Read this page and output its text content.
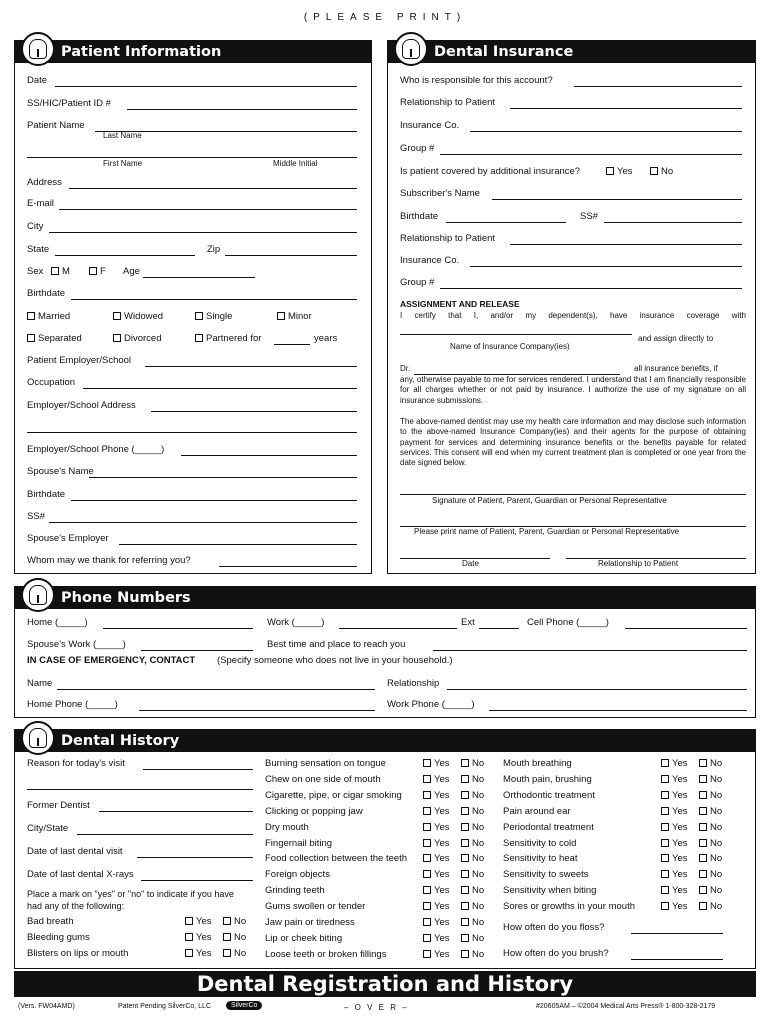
(PLEASE PRINT)
Patient Information
Date
SS/HIC/Patient ID #
Patient Name
Last Name
First Name	Middle Initial
Address
E-mail
City
State	Zip
Sex	M	F Age
Birthdate
Married	Widowed	Single	Minor
Separated	Divorced	Partnered for	years
Patient Employer/School
Occupation
Employer/School Address
Employer/School Phone (_____)
Spouse's Name
Birthdate
SS#
Spouse's Employer
Whom may we thank for referring you?
Dental Insurance
Who is responsible for this account?
Relationship to Patient
Insurance Co.
Group #
Is patient covered by additional insurance?	Yes	No
Subscriber's Name
Birthdate	SS#
Relationship to Patient
Insurance Co.
Group #
ASSIGNMENT AND RELEASE
I certify that I, and/or my dependent(s), have insurance coverage with
and assign directly to
Name of Insurance Company(ies)
Dr.	all insurance benefits, if
any, otherwise payable to me for services rendered. I understand that I am financially responsible for all charges whether or not paid by insurance. I authorize the use of my signature on all insurance submissions.
The above-named dentist may use my health care information and may disclose such information to the above-named Insurance Company(ies) and their agents for the purpose of obtaining payment for services and determining insurance benefits or the benefits payable for related services. This consent will end when my current treatment plan is completed or one year from the date signed below.
Signature of Patient, Parent, Guardian or Personal Representative
Please print name of Patient, Parent, Guardian or Personal Representative
Date	Relationship to Patient
Phone Numbers
Home (_____)	Work (_____)	Ext	Cell Phone (_____)
Spouse's Work (_____)	Best time and place to reach you
IN CASE OF EMERGENCY, CONTACT (Specify someone who does not live in your household.)
Name	Relationship
Home Phone (_____)	Work Phone (_____)
Dental History
Reason for today's visit
Former Dentist
City/State
Date of last dental visit
Date of last dental X-rays
Place a mark on "yes" or "no" to indicate if you have had any of the following:
Bad breath	Yes	No
Bleeding gums	Yes	No
Blisters on lips or mouth	Yes	No
Burning sensation on tongue	Yes	No
Chew on one side of mouth	Yes	No
Cigarette, pipe, or cigar smoking	Yes	No
Clicking or popping jaw	Yes	No
Dry mouth	Yes	No
Fingernail biting	Yes	No
Food collection between the teeth	Yes	No
Foreign objects	Yes	No
Grinding teeth	Yes	No
Gums swollen or tender	Yes	No
Jaw pain or tiredness	Yes	No
Lip or cheek biting	Yes	No
Loose teeth or broken fillings	Yes	No
Mouth breathing	Yes	No
Mouth pain, brushing	Yes	No
Orthodontic treatment	Yes	No
Pain around ear	Yes	No
Periodontal treatment	Yes	No
Sensitivity to cold	Yes	No
Sensitivity to heat	Yes	No
Sensitivity to sweets	Yes	No
Sensitivity when biting	Yes	No
Sores or growths in your mouth	Yes	No
How often do you floss?
How often do you brush?
Dental Registration and History
(Vers. FW04AMD)	Patent Pending SilverCo, LLC	SilverCo	– O V E R –	#20605AM – ©2004 Medical Arts Press® 1-800-328-2179
